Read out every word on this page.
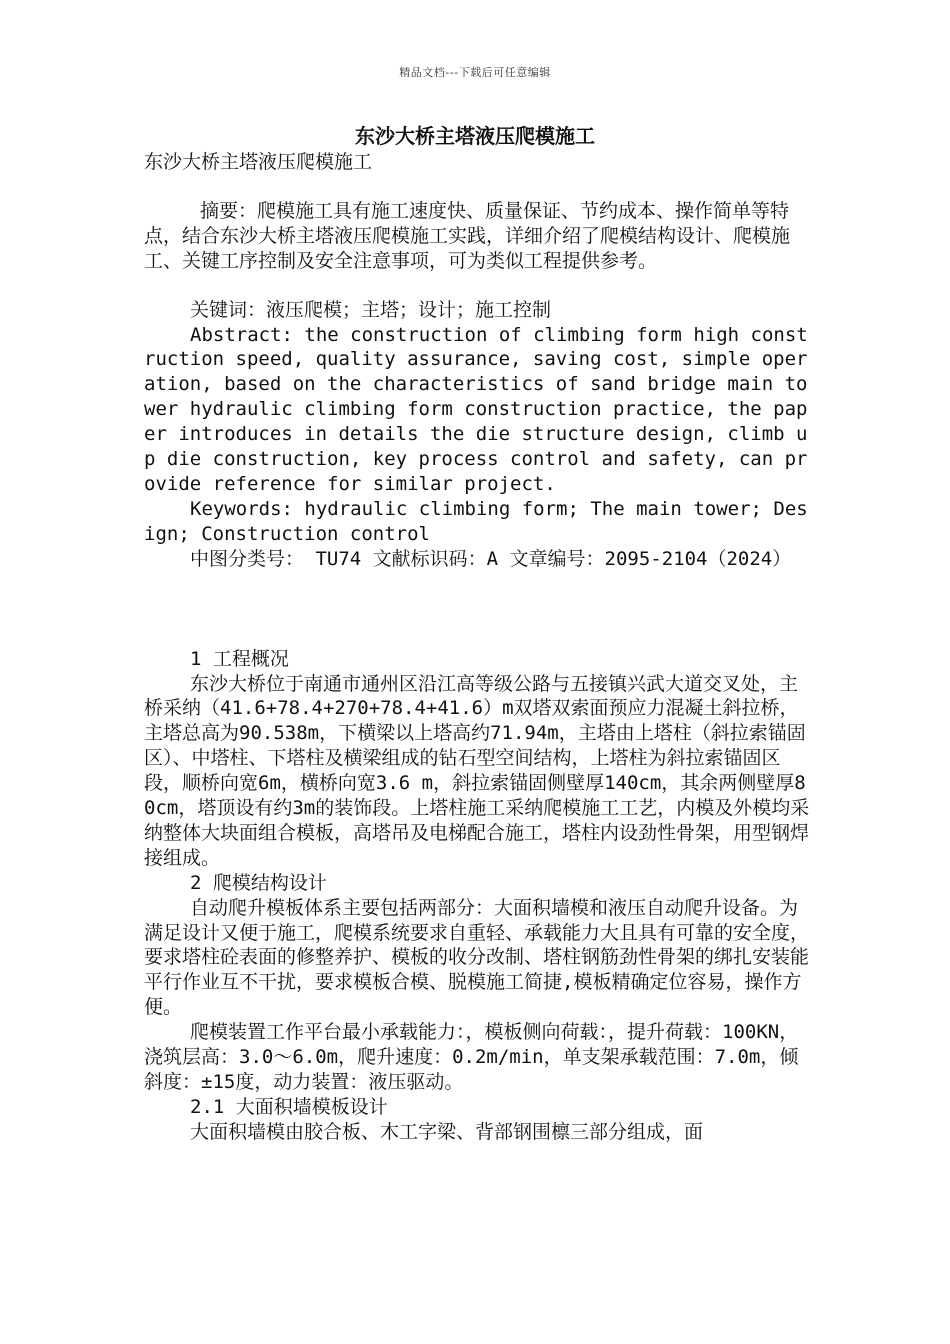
精品文档---下载后可任意编辑
东沙大桥主塔液压爬模施工

东沙大桥主塔液压爬模施工

摘要：爬模施工具有施工速度快、质量保证、节约成本、操作简单等特点，结合东沙大桥主塔液压爬模施工实践，详细介绍了爬模结构设计、爬模施工、关键工序控制及安全注意事项，可为类似工程提供参考。

关键词：液压爬模；主塔；设计；施工控制

Abstract: the construction of climbing form high construction speed, quality assurance, saving cost, simple operation, based on the characteristics of sand bridge main tower hydraulic climbing form construction practice, the paper introduces in details the die structure design, climb up die construction, key process control and safety, can provide reference for similar project.

Keywords: hydraulic climbing form; The main tower; Design; Construction control

中图分类号： TU74 文献标识码：A 文章编号：2095-2104（2024）

1 工程概况

东沙大桥位于南通市通州区沿江高等级公路与五接镇兴武大道交叉处，主桥采纳（41.6+78.4+270+78.4+41.6）m双塔双索面预应力混凝土斜拉桥，主塔总高为90.538m，下横梁以上塔高约71.94m，主塔由上塔柱（斜拉索锚固区）、中塔柱、下塔柱及横梁组成的钻石型空间结构，上塔柱为斜拉索锚固区段，顺桥向宽6m，横桥向宽3.6 m，斜拉索锚固侧壁厚140cm，其余两侧壁厚80cm，塔顶设有约3m的装饰段。上塔柱施工采纳爬模施工工艺，内模及外模均采纳整体大块面组合模板，高塔吊及电梯配合施工，塔柱内设劲性骨架，用型钢焊接组成。

2 爬模结构设计

自动爬升模板体系主要包括两部分：大面积墙模和液压自动爬升设备。为满足设计又便于施工，爬模系统要求自重轻、承载能力大且具有可靠的安全度，要求塔柱砼表面的修整养护、模板的收分改制、塔柱钢筋劲性骨架的绑扎安装能平行作业互不干扰，要求模板合模、脱模施工简捷,模板精确定位容易，操作方便。

爬模装置工作平台最小承载能力：，模板侧向荷载：，提升荷载：100KN，浇筑层高：3.0～6.0m，爬升速度：0.2m/min，单支架承载范围：7.0m，倾斜度：±15度，动力装置：液压驱动。

2.1 大面积墙模板设计

大面积墙模由胶合板、木工字梁、背部钢围檩三部分组成，面
